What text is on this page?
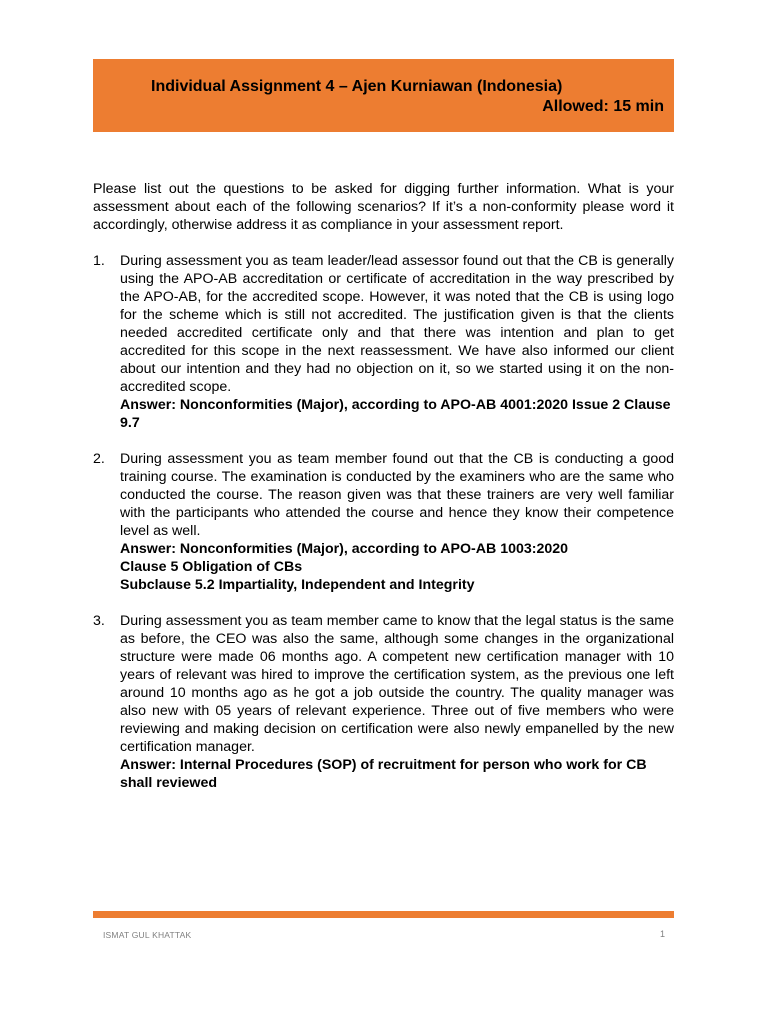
Individual Assignment 4 – Ajen Kurniawan (Indonesia)
Allowed: 15 min
Please list out the questions to be asked for digging further information. What is your assessment about each of the following scenarios? If it’s a non-conformity please word it accordingly, otherwise address it as compliance in your assessment report.
1. During assessment you as team leader/lead assessor found out that the CB is generally using the APO-AB accreditation or certificate of accreditation in the way prescribed by the APO-AB, for the accredited scope. However, it was noted that the CB is using logo for the scheme which is still not accredited. The justification given is that the clients needed accredited certificate only and that there was intention and plan to get accredited for this scope in the next reassessment. We have also informed our client about our intention and they had no objection on it, so we started using it on the non-accredited scope.
Answer: Nonconformities (Major), according to APO-AB 4001:2020 Issue 2 Clause 9.7
2. During assessment you as team member found out that the CB is conducting a good training course. The examination is conducted by the examiners who are the same who conducted the course. The reason given was that these trainers are very well familiar with the participants who attended the course and hence they know their competence level as well.
Answer: Nonconformities (Major), according to APO-AB 1003:2020
Clause 5 Obligation of CBs
Subclause 5.2 Impartiality, Independent and Integrity
3. During assessment you as team member came to know that the legal status is the same as before, the CEO was also the same, although some changes in the organizational structure were made 06 months ago. A competent new certification manager with 10 years of relevant was hired to improve the certification system, as the previous one left around 10 months ago as he got a job outside the country. The quality manager was also new with 05 years of relevant experience. Three out of five members who were reviewing and making decision on certification were also newly empanelled by the new certification manager.
Answer: Internal Procedures (SOP) of recruitment for person who work for CB shall reviewed
ISMAT GUL KHATTAK	1
